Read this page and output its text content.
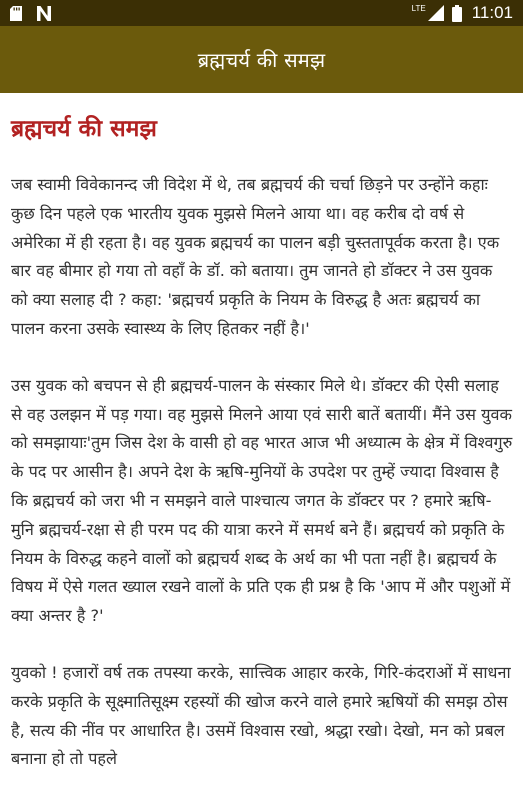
LTE	11:01
ब्रह्मचर्य की समझ
ब्रह्मचर्य की समझ

जब स्वामी विवेकानन्द जी विदेश में थे, तब ब्रह्मचर्य की चर्चा छिड़ने पर उन्होंने कहाः कुछ दिन पहले एक भारतीय युवक मुझसे मिलने आया था। वह करीब दो वर्ष से अमेरिका में ही रहता है। वह युवक ब्रह्मचर्य का पालन बड़ी चुस्ततापूर्वक करता है। एक बार वह बीमार हो गया तो वहाँ के डॉ. को बताया। तुम जानते हो डॉक्टर ने उस युवक को क्या सलाह दी ? कहा: 'ब्रह्मचर्य प्रकृति के नियम के विरुद्ध है अतः ब्रह्मचर्य का पालन करना उसके स्वास्थ्य के लिए हितकर नहीं है।'

उस युवक को बचपन से ही ब्रह्मचर्य-पालन के संस्कार मिले थे। डॉक्टर की ऐसी सलाह से वह उलझन में पड़ गया। वह मुझसे मिलने आया एवं सारी बातें बतायीं। मैंने उस युवक को समझायाः'तुम जिस देश के वासी हो वह भारत आज भी अध्यात्म के क्षेत्र में विश्वगुरु के पद पर आसीन है। अपने देश के ऋषि-मुनियों के उपदेश पर तुम्हें ज्यादा विश्वास है कि ब्रह्मचर्य को जरा भी न समझने वाले पाश्चात्य जगत के डॉक्टर पर ? हमारे ऋषि-मुनि ब्रह्मचर्य-रक्षा से ही परम पद की यात्रा करने में समर्थ बने हैं। ब्रह्मचर्य को प्रकृति के नियम के विरुद्ध कहने वालों को ब्रह्मचर्य शब्द के अर्थ का भी पता नहीं है। ब्रह्मचर्य के विषय में ऐसे गलत ख्याल रखने वालों के प्रति एक ही प्रश्न है कि 'आप में और पशुओं में क्या अन्तर है ?'

युवको ! हजारों वर्ष तक तपस्या करके, सात्त्विक आहार करके, गिरि-कंदराओं में साधना करके प्रकृति के सूक्ष्मातिसूक्ष्म रहस्यों की खोज करने वाले हमारे ऋषियों की समझ ठोस है, सत्य की नींव पर आधारित है। उसमें विश्वास रखो, श्रद्धा रखो। देखो, मन को प्रबल बनाना हो तो पहले
